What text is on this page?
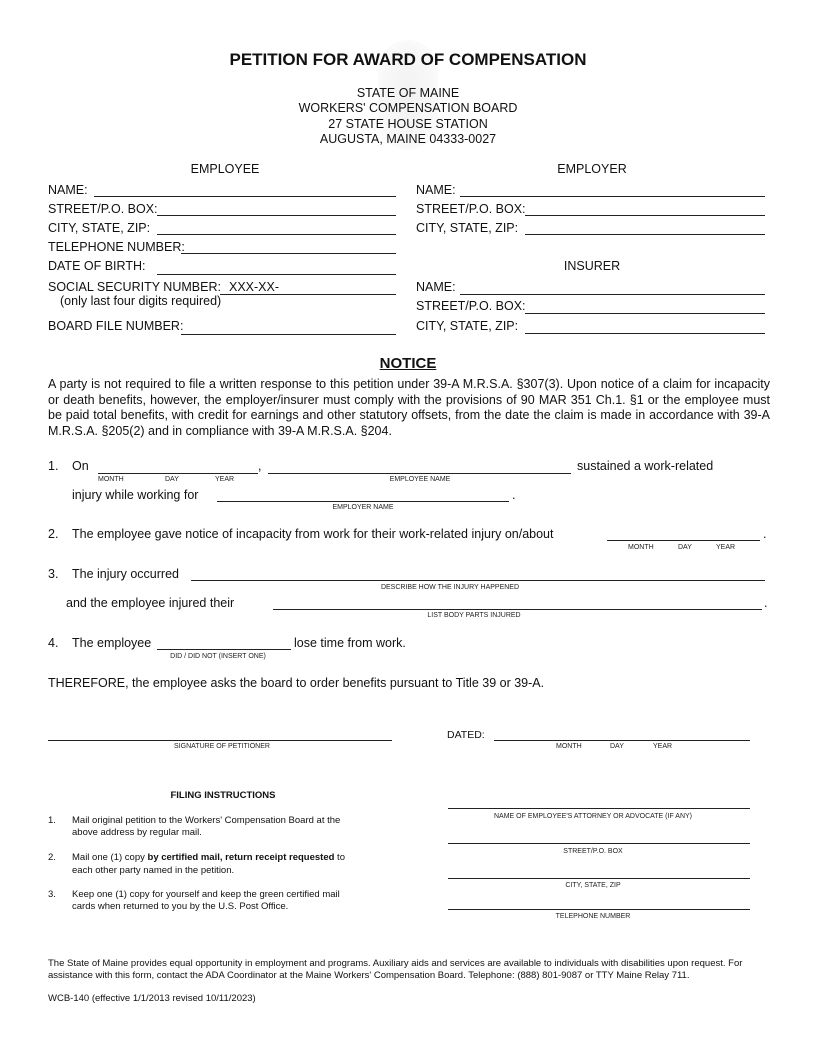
PETITION FOR AWARD OF COMPENSATION
STATE OF MAINE
WORKERS' COMPENSATION BOARD
27 STATE HOUSE STATION
AUGUSTA, MAINE 04333-0027
EMPLOYEE
NAME:
STREET/P.O. BOX:
CITY, STATE, ZIP:
TELEPHONE NUMBER:
DATE OF BIRTH:
SOCIAL SECURITY NUMBER: XXX-XX-
(only last four digits required)
BOARD FILE NUMBER:
EMPLOYER
NAME:
STREET/P.O. BOX:
CITY, STATE, ZIP:
INSURER
NAME:
STREET/P.O. BOX:
CITY, STATE, ZIP:
NOTICE
A party is not required to file a written response to this petition under 39-A M.R.S.A. §307(3). Upon notice of a claim for incapacity or death benefits, however, the employer/insurer must comply with the provisions of 90 MAR 351 Ch.1. §1 or the employee must be paid total benefits, with credit for earnings and other statutory offsets, from the date the claim is made in accordance with 39-A M.R.S.A. §205(2) and in compliance with 39-A M.R.S.A. §204.
1. On	,	sustained a work-related
MONTH	DAY	YEAR	EMPLOYEE NAME
injury while working for	.
EMPLOYER NAME
2. The employee gave notice of incapacity from work for their work-related injury on/about	.
MONTH	DAY	YEAR
3. The injury occurred
DESCRIBE HOW THE INJURY HAPPENED
and the employee injured their	.
LIST BODY PARTS INJURED
4. The employee	lose time from work.
DID / DID NOT (INSERT ONE)
THEREFORE, the employee asks the board to order benefits pursuant to Title 39 or 39-A.
SIGNATURE OF PETITIONER
DATED:
MONTH	DAY	YEAR
FILING INSTRUCTIONS
1. Mail original petition to the Workers' Compensation Board at the
above address by regular mail.
2. Mail one (1) copy by certified mail, return receipt requested to
each other party named in the petition.
3. Keep one (1) copy for yourself and keep the green certified mail
cards when returned to you by the U.S. Post Office.
NAME OF EMPLOYEE'S ATTORNEY OR ADVOCATE (IF ANY)
STREET/P.O. BOX
CITY, STATE, ZIP
TELEPHONE NUMBER
The State of Maine provides equal opportunity in employment and programs. Auxiliary aids and services are available to individuals with disabilities upon request. For assistance with this form, contact the ADA Coordinator at the Maine Workers' Compensation Board. Telephone: (888) 801-9087 or TTY Maine Relay 711.
WCB-140 (effective 1/1/2013 revised 10/11/2023)
